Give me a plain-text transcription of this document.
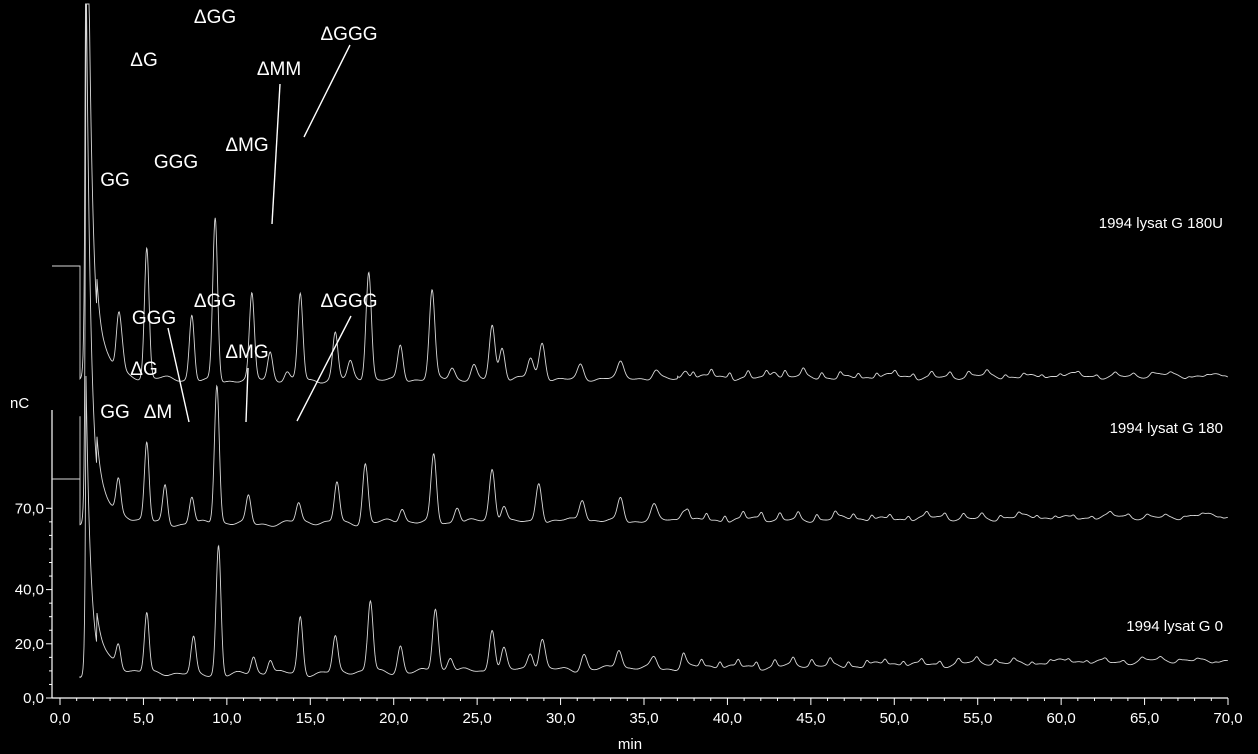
nC
min
0,0	5,0	10,0	15,0	20,0	25,0	30,0	35,0	40,0	45,0	50,0	55,0	60,0	65,0	70,0
0,0
20,0
40,0
70,0
1994 lysat G 180U
1994 lysat G 180
1994 lysat G 0
GG
ΔG
GGG
ΔGG
ΔMG
ΔMM
ΔGGG
GG ΔM
ΔG
GGG
ΔGG
ΔMG
ΔGGG
